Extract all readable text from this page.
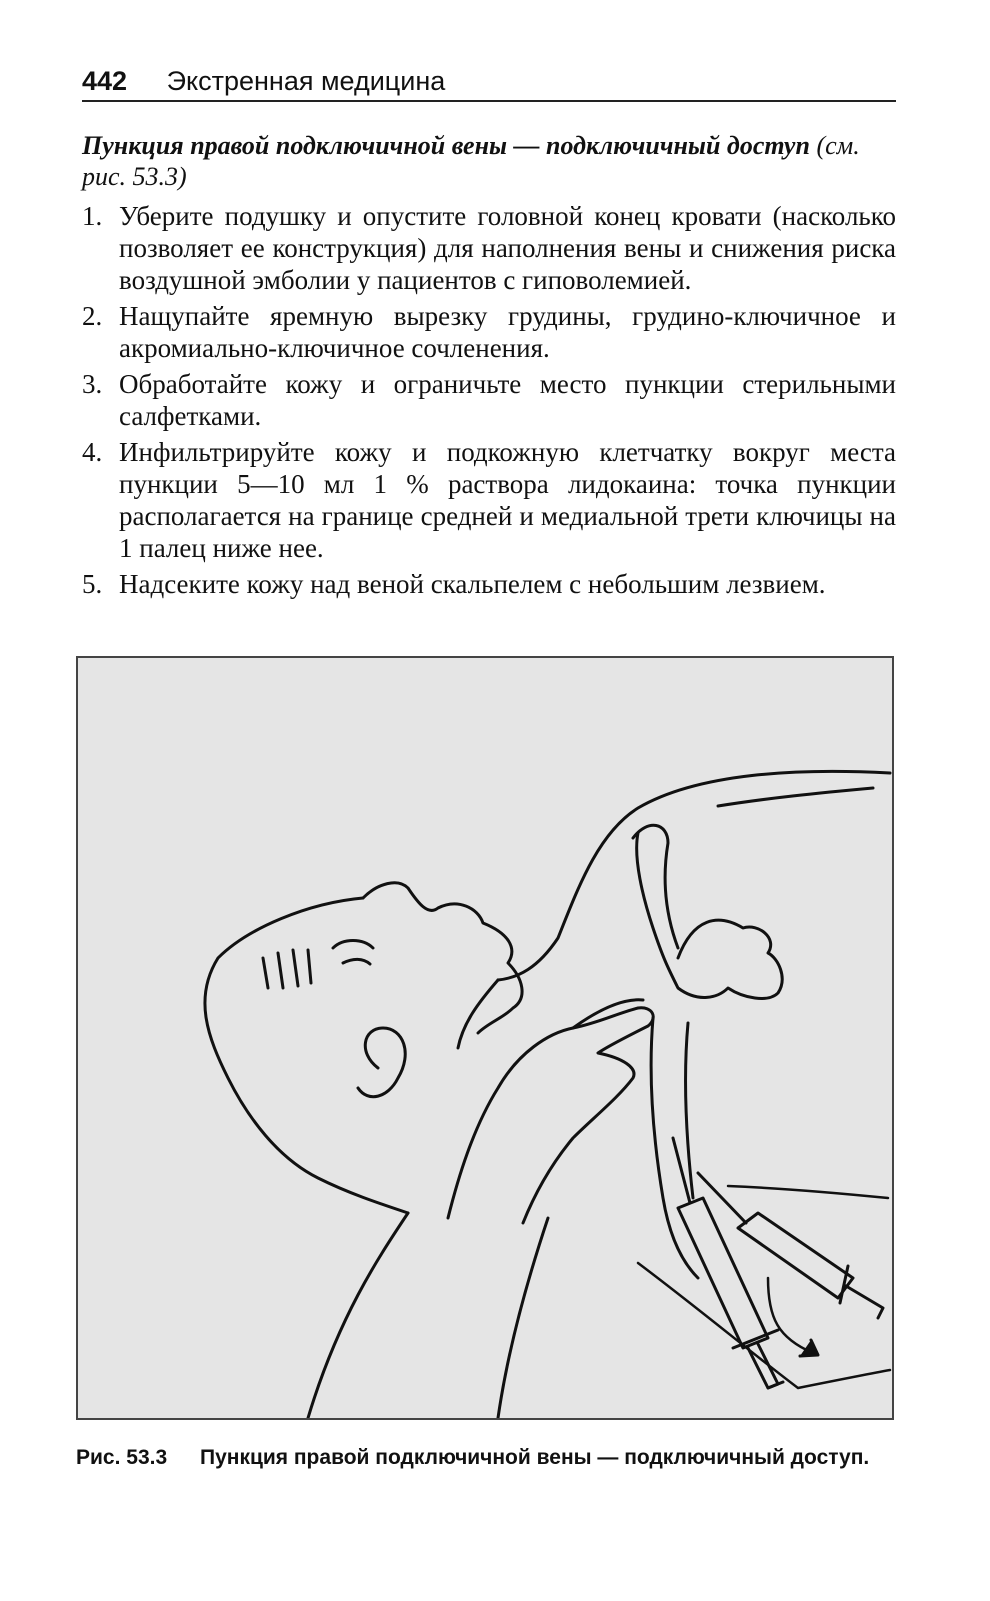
442 Экстренная медицина
Пункция правой подключичной вены — подключичный доступ (см. рис. 53.3)
1. Уберите подушку и опустите головной конец кровати (насколько позволяет ее конструкция) для наполнения вены и снижения риска воздушной эмболии у пациентов с гиповолемией.
2. Нащупайте яремную вырезку грудины, грудино-ключичное и акромиально-ключичное сочленения.
3. Обработайте кожу и ограничьте место пункции стерильными салфетками.
4. Инфильтрируйте кожу и подкожную клетчатку вокруг места пункции 5—10 мл 1 % раствора лидокаина: точка пункции располагается на границе средней и медиальной трети ключицы на 1 палец ниже нее.
5. Надсеките кожу над веной скальпелем с небольшим лезвием.
Рис. 53.3	Пункция правой подключичной вены — подключичный доступ.
